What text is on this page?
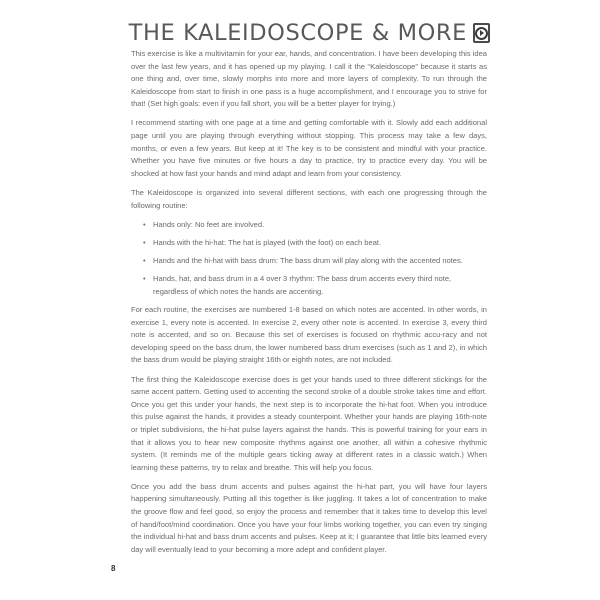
THE KALEIDOSCOPE & MORE

This exercise is like a multivitamin for your ear, hands, and concentration. I have been developing this idea over the last few years, and it has opened up my playing. I call it the “Kaleidoscope” because it starts as one thing and, over time, slowly morphs into more and more layers of complexity. To run through the Kaleidoscope from start to finish in one pass is a huge accomplishment, and I encourage you to strive for that! (Set high goals: even if you fall short, you will be a better player for trying.)

I recommend starting with one page at a time and getting comfortable with it. Slowly add each additional page until you are playing through everything without stopping. This process may take a few days, months, or even a few years. But keep at it! The key is to be consistent and mindful with your practice. Whether you have five minutes or five hours a day to practice, try to practice every day. You will be shocked at how fast your hands and mind adapt and learn from your consistency.

The Kaleidoscope is organized into several different sections, with each one progressing through the following routine:

• Hands only: No feet are involved.
• Hands with the hi-hat: The hat is played (with the foot) on each beat.
• Hands and the hi-hat with bass drum: The bass drum will play along with the accented notes.
• Hands, hat, and bass drum in a 4 over 3 rhythm: The bass drum accents every third note, regardless of which notes the hands are accenting.

For each routine, the exercises are numbered 1-8 based on which notes are accented. In other words, in exercise 1, every note is accented. In exercise 2, every other note is accented. In exercise 3, every third note is accented, and so on. Because this set of exercises is focused on rhythmic accu-racy and not developing speed on the bass drum, the lower numbered bass drum exercises (such as 1 and 2), in which the bass drum would be playing straight 16th or eighth notes, are not included.

The first thing the Kaleidoscope exercise does is get your hands used to three different stickings for the same accent pattern. Getting used to accenting the second stroke of a double stroke takes time and effort. Once you get this under your hands, the next step is to incorporate the hi-hat foot. When you introduce this pulse against the hands, it provides a steady counterpoint. Whether your hands are playing 16th-note or triplet subdivisions, the hi-hat pulse layers against the hands. This is powerful training for your ears in that it allows you to hear new composite rhythms against one another, all within a cohesive rhythmic system. (It reminds me of the multiple gears ticking away at different rates in a classic watch.) When learning these patterns, try to relax and breathe. This will help you focus.

Once you add the bass drum accents and pulses against the hi-hat part, you will have four layers happening simultaneously. Putting all this together is like juggling. It takes a lot of concentration to make the groove flow and feel good, so enjoy the process and remember that it takes time to develop this level of hand/foot/mind coordination. Once you have your four limbs working together, you can even try singing the individual hi-hat and bass drum accents and pulses. Keep at it; I guarantee that little bits learned every day will eventually lead to your becoming a more adept and confident player.

8
